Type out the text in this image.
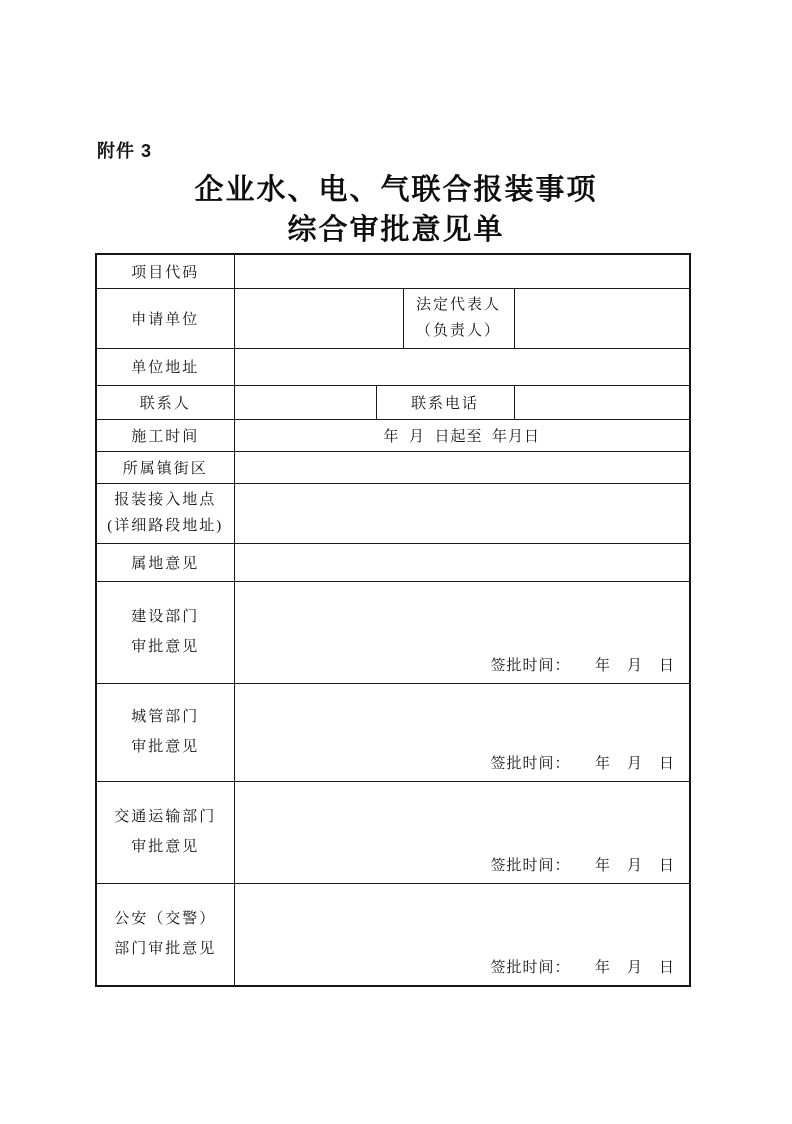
附件 3
企业水、电、气联合报装事项
综合审批意见单
项目代码				
申请单位			法定代表人
（负责人）	

单位地址				
联系人		联系电话		
施工时间	年  月  日起至  年月日			
所属镇街区				

报装接入地点
(详细路段地址)				

属地意见				

建设部门
审批意见	签批时间：　　年　月　日			

城管部门
审批意见	签批时间：　　年　月　日			

交通运输部门
审批意见	签批时间：　　年　月　日			

公安（交警）
部门审批意见	签批时间：　　年　月　日			
